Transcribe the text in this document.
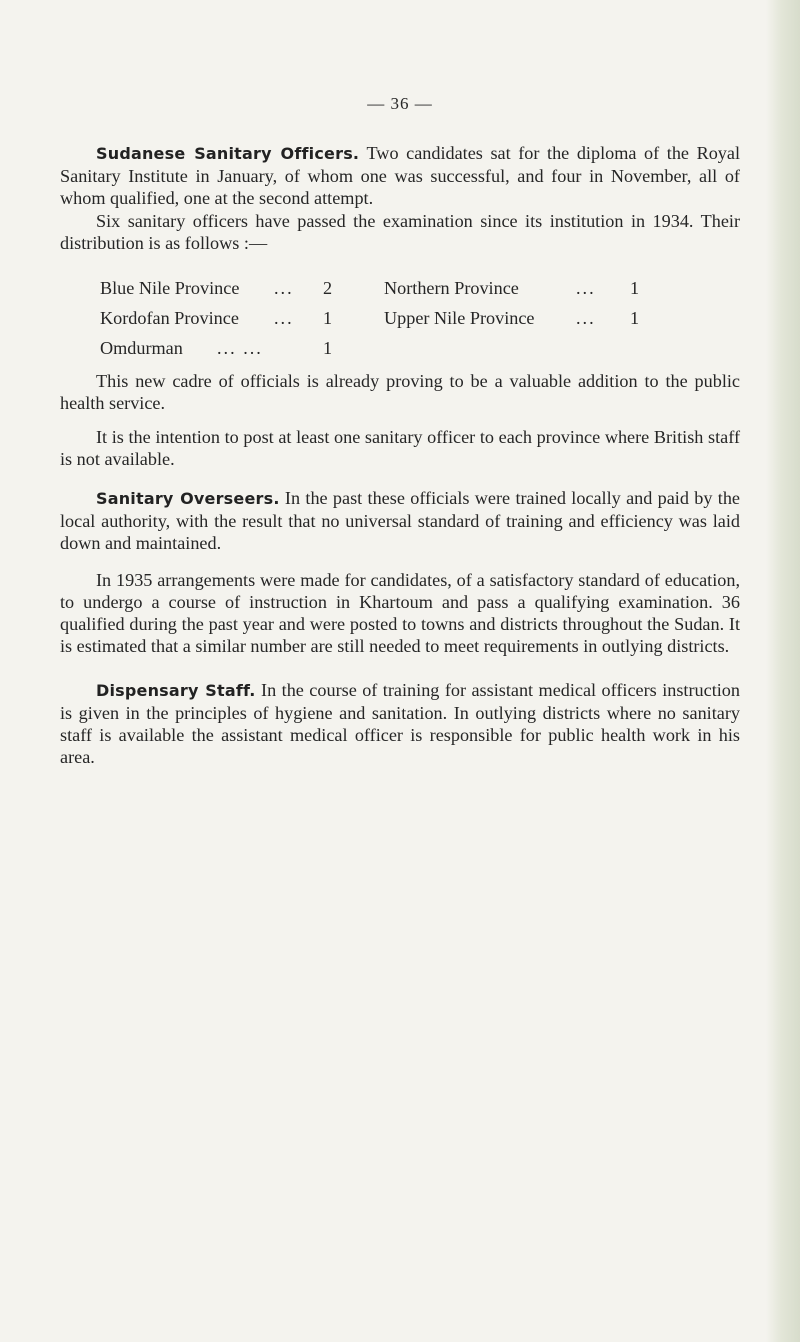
— 36 —

Sudanese Sanitary Officers. Two candidates sat for the diploma of the Royal Sanitary Institute in January, of whom one was successful, and four in November, all of whom qualified, one at the second attempt.

Six sanitary officers have passed the examination since its institution in 1934. Their distribution is as follows :—

Blue Nile Province ... 2
Kordofan Province ... 1
Omdurman ... ...	1
Northern Province	... 1
Upper Nile Province ... 1

This new cadre of officials is already proving to be a valuable addition to the public health service.

It is the intention to post at least one sanitary officer to each province where British staff is not available.

Sanitary Overseers. In the past these officials were trained locally and paid by the local authority, with the result that no universal standard of training and efficiency was laid down and maintained.

In 1935 arrangements were made for candidates, of a satisfactory standard of education, to undergo a course of instruction in Khartoum and pass a qualifying examination. 36 qualified during the past year and were posted to towns and districts throughout the Sudan. It is estimated that a similar number are still needed to meet requirements in outlying districts.

Dispensary Staff. In the course of training for assistant medical officers instruction is given in the principles of hygiene and sanitation. In outlying districts where no sanitary staff is available the assistant medical officer is responsible for public health work in his area.
